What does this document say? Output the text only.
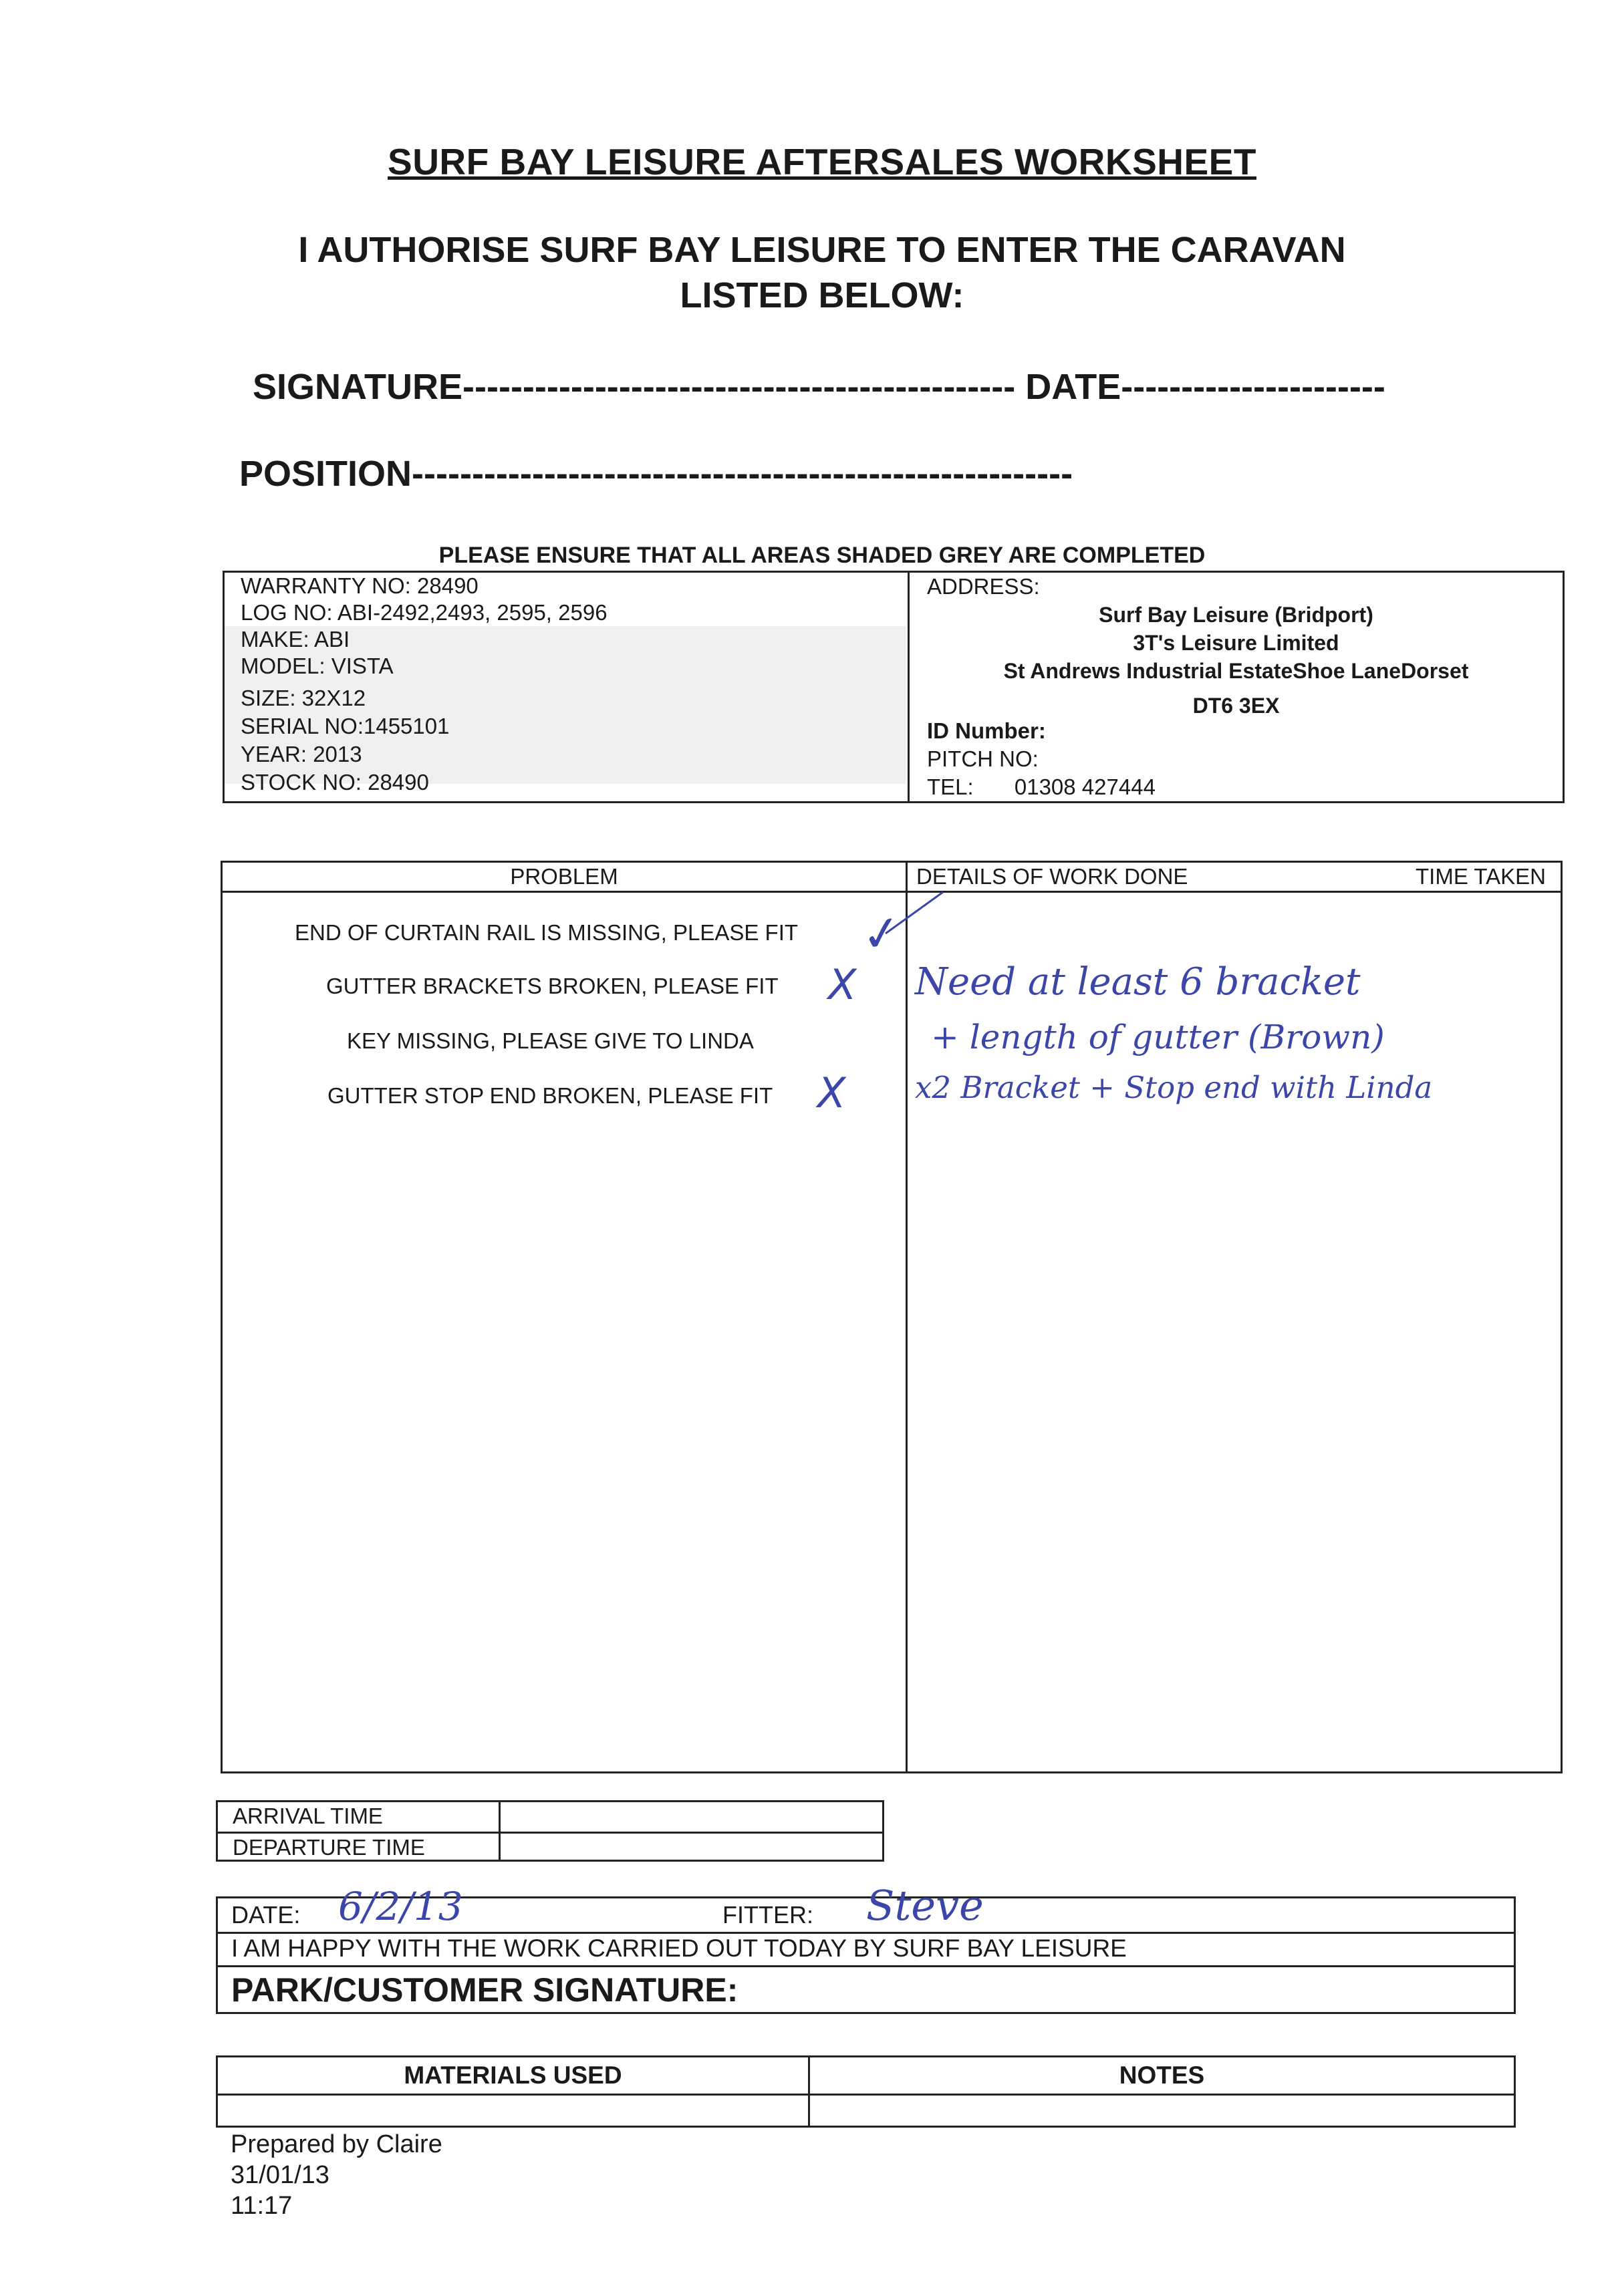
SURF BAY LEISURE AFTERSALES WORKSHEET
I AUTHORISE SURF BAY LEISURE TO ENTER THE CARAVAN
LISTED BELOW:
SIGNATURE---------------------------------------------- DATE----------------------
POSITION-------------------------------------------------------
PLEASE ENSURE THAT ALL AREAS SHADED GREY ARE COMPLETED
WARRANTY NO: 28490
LOG NO: ABI-2492,2493, 2595, 2596
MAKE: ABI
MODEL: VISTA
SIZE: 32X12
SERIAL NO:1455101
YEAR: 2013
STOCK NO: 28490
ADDRESS:
Surf Bay Leisure (Bridport)
3T's Leisure Limited
St Andrews Industrial EstateShoe LaneDorset
DT6 3EX
ID Number:
PITCH NO:
TEL: 01308 427444
PROBLEM	DETAILS OF WORK DONE	TIME TAKEN
END OF CURTAIN RAIL IS MISSING, PLEASE FIT ✓
GUTTER BRACKETS BROKEN, PLEASE FIT X
KEY MISSING, PLEASE GIVE TO LINDA
GUTTER STOP END BROKEN, PLEASE FIT X
Need at least 6 bracket
+ length of gutter (Brown)
x2 Bracket + Stop end with Linda
ARRIVAL TIME
DEPARTURE TIME
DATE: 6/2/13	FITTER: Steve
I AM HAPPY WITH THE WORK CARRIED OUT TODAY BY SURF BAY LEISURE
PARK/CUSTOMER SIGNATURE:
MATERIALS USED	NOTES
Prepared by Claire
31/01/13
11:17
